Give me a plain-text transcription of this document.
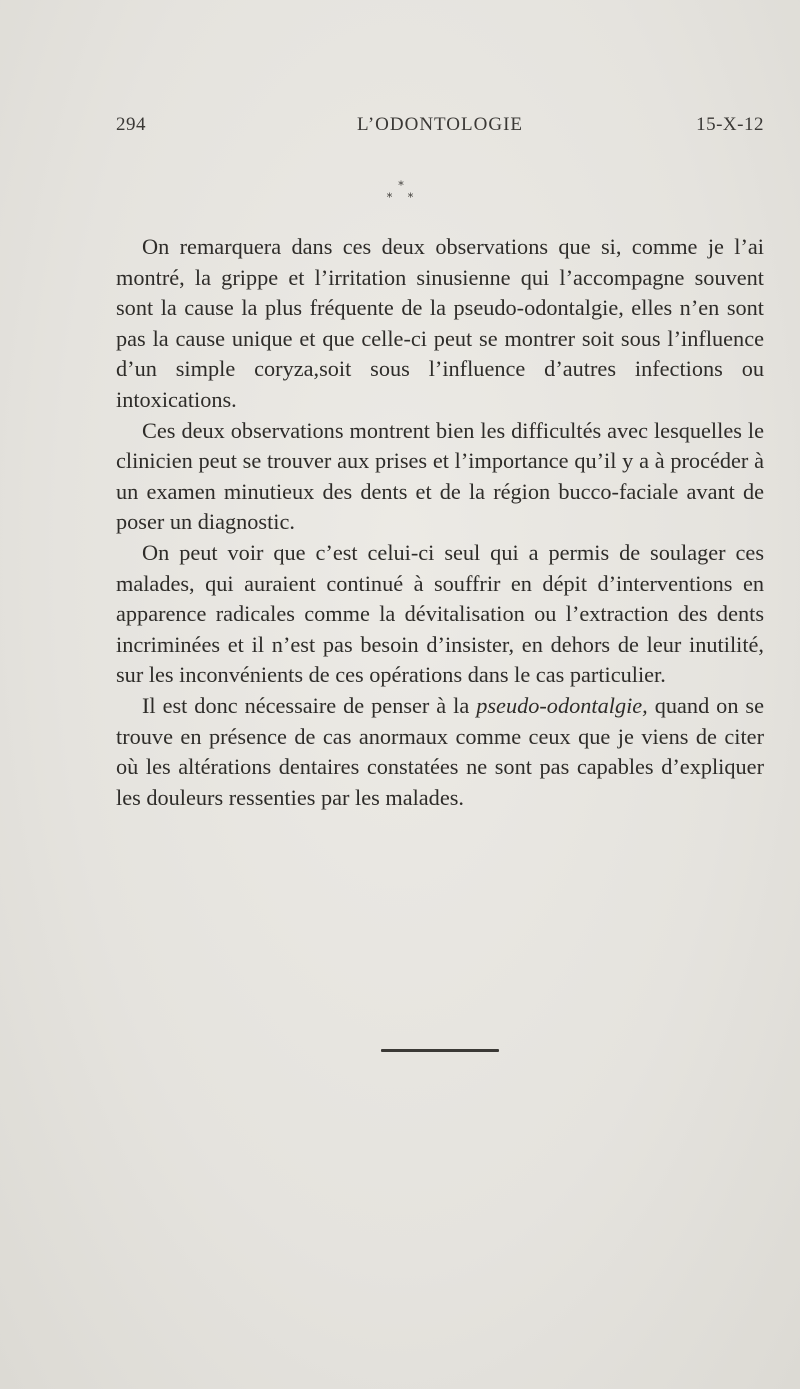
294	L’ODONTOLOGIE	15-X-12
*
* *

On remarquera dans ces deux observations que si, comme je l’ai montré, la grippe et l’irritation sinusienne qui l’accompagne souvent sont la cause la plus fréquente de la pseudo-odontalgie, elles n’en sont pas la cause unique et que celle-ci peut se montrer soit sous l’influence d’un simple coryza,soit sous l’influence d’autres infections ou intoxications.

Ces deux observations montrent bien les difficultés avec lesquelles le clinicien peut se trouver aux prises et l’importance qu’il y a à procéder à un examen minutieux des dents et de la région bucco-faciale avant de poser un diagnostic.

On peut voir que c’est celui-ci seul qui a permis de soulager ces malades, qui auraient continué à souffrir en dépit d’interventions en apparence radicales comme la dévitalisation ou l’extraction des dents incriminées et il n’est pas besoin d’insister, en dehors de leur inutilité, sur les inconvénients de ces opérations dans le cas particulier.

Il est donc nécessaire de penser à la pseudo-odontalgie, quand on se trouve en présence de cas anormaux comme ceux que je viens de citer où les altérations dentaires constatées ne sont pas capables d’expliquer les douleurs ressenties par les malades.
